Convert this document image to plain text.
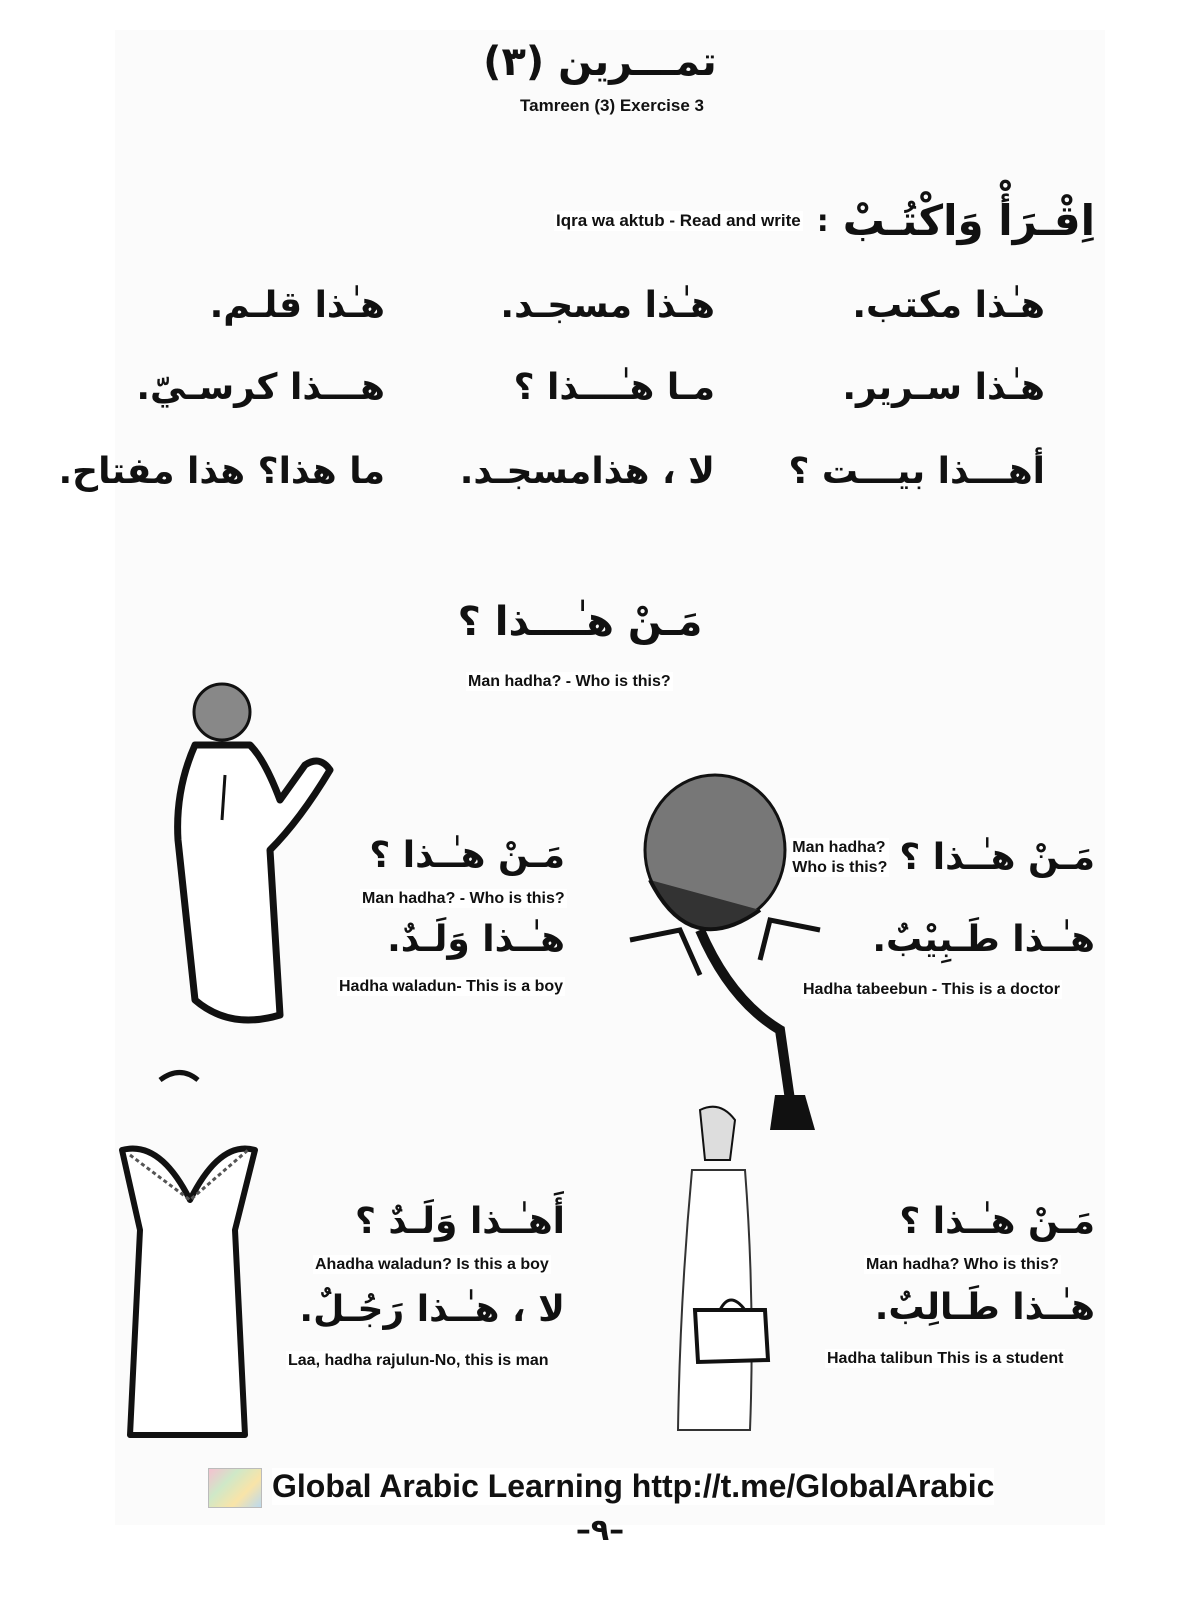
تمـــرين (٣)
Tamreen (3) Exercise 3
Iqra wa aktub - Read and write : اِقْـرَأْ وَاكْتُـبْ
هـٰذا مكتب.
هـٰذا مسجـد.
هـٰذا قلـم.
هـٰذا سـرير.
مـا هـٰـــذا ؟
هـــذا كرسـيّ.
أهـــذا بيـــت ؟
لا ، هذامسجـد.
ما هذا؟ هذا مفتاح.
مَـنْ هـٰـــذا ؟
Man hadha? - Who is this?
مَـنْ هـٰـذا ؟
Man hadha? - Who is this?
هـٰـذا وَلَـدٌ.
Hadha waladun- This is a boy
Man hadha?
Who is this? مَـنْ هـٰـذا ؟
هـٰـذا طَـبِيْبٌ.
Hadha tabeebun - This is a doctor
أَهـٰـذا وَلَـدٌ ؟
Ahadha waladun? Is this a boy
لا ، هـٰـذا رَجُـلٌ.
Laa, hadha rajulun-No, this is man
مَـنْ هـٰـذا ؟
Man hadha? Who is this?
هـٰـذا طَـالِبٌ.
Hadha talibun This is a student
Global Arabic Learning http://t.me/GlobalArabic
–٩–
